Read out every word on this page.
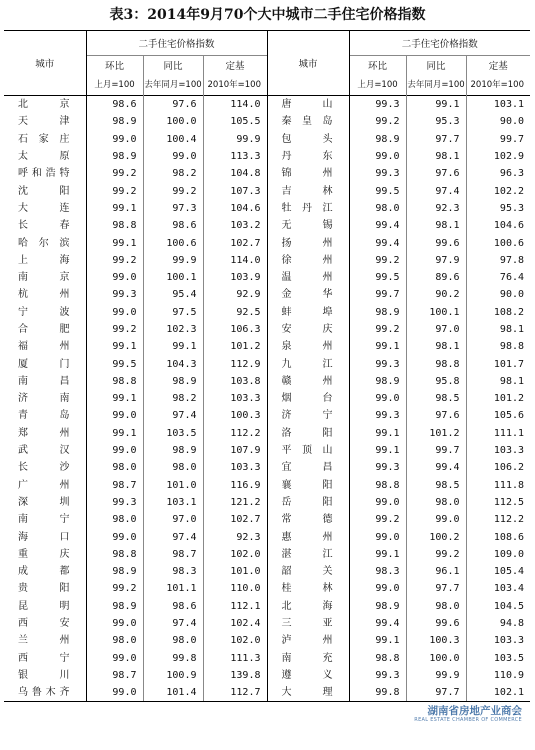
表3：2014年9月70个大中城市二手住宅价格指数
城市	二手住宅价格指数			城市	二手住宅价格指数		
	环比	同比	定基		环比	同比	定基
	上月=100	去年同月=100	2010年=100		上月=100	去年同月=100	2010年=100
北京	98.6	97.6	114.0	唐山	99.3	99.1	103.1
天津	98.9	100.0	105.5	秦皇岛	99.2	95.3	90.0
石家庄	99.0	100.4	99.9	包头	98.9	97.7	99.7
太原	98.9	99.0	113.3	丹东	99.0	98.1	102.9
呼和浩特	99.2	98.2	104.8	锦州	99.3	97.6	96.3
沈阳	99.2	99.2	107.3	吉林	99.5	97.4	102.2
大连	99.1	97.3	104.6	牡丹江	98.0	92.3	95.3
长春	98.8	98.6	103.2	无锡	99.4	98.1	104.6
哈尔滨	99.1	100.6	102.7	扬州	99.4	99.6	100.6
上海	99.2	99.9	114.0	徐州	99.2	97.9	97.8
南京	99.0	100.1	103.9	温州	99.5	89.6	76.4
杭州	99.3	95.4	92.9	金华	99.7	90.2	90.0
宁波	99.0	97.5	92.5	蚌埠	98.9	100.1	108.2
合肥	99.2	102.3	106.3	安庆	99.2	97.0	98.1
福州	99.1	99.1	101.2	泉州	99.1	98.1	98.8
厦门	99.5	104.3	112.9	九江	99.3	98.8	101.7
南昌	98.8	98.9	103.8	赣州	98.9	95.8	98.1
济南	99.1	98.2	103.3	烟台	99.0	98.5	101.2
青岛	99.0	97.4	100.3	济宁	99.3	97.6	105.6
郑州	99.1	103.5	112.2	洛阳	99.1	101.2	111.1
武汉	99.0	98.9	107.9	平顶山	99.1	99.7	103.3
长沙	98.0	98.0	103.3	宜昌	99.3	99.4	106.2
广州	98.7	101.0	116.9	襄阳	98.8	98.5	111.8
深圳	99.3	103.1	121.2	岳阳	99.0	98.0	112.5
南宁	98.0	97.0	102.7	常德	99.2	99.0	112.2
海口	99.0	97.4	92.3	惠州	99.0	100.2	108.6
重庆	98.8	98.7	102.0	湛江	99.1	99.2	109.0
成都	98.9	98.3	101.0	韶关	98.3	96.1	105.4
贵阳	99.2	101.1	110.0	桂林	99.0	97.7	103.4
昆明	98.9	98.6	112.1	北海	98.9	98.0	104.5
西安	99.0	97.4	102.4	三亚	99.4	99.6	94.8
兰州	98.0	98.0	102.0	泸州	99.1	100.3	103.3
西宁	99.0	99.8	111.3	南充	98.8	100.0	103.5
银川	98.7	100.9	139.8	遵义	99.3	99.9	110.9
乌鲁木齐	99.0	101.4	112.7	大理	99.8	97.7	102.1
湖南省房地产业商会
REAL ESTATE CHAMBER OF COMMERCE
